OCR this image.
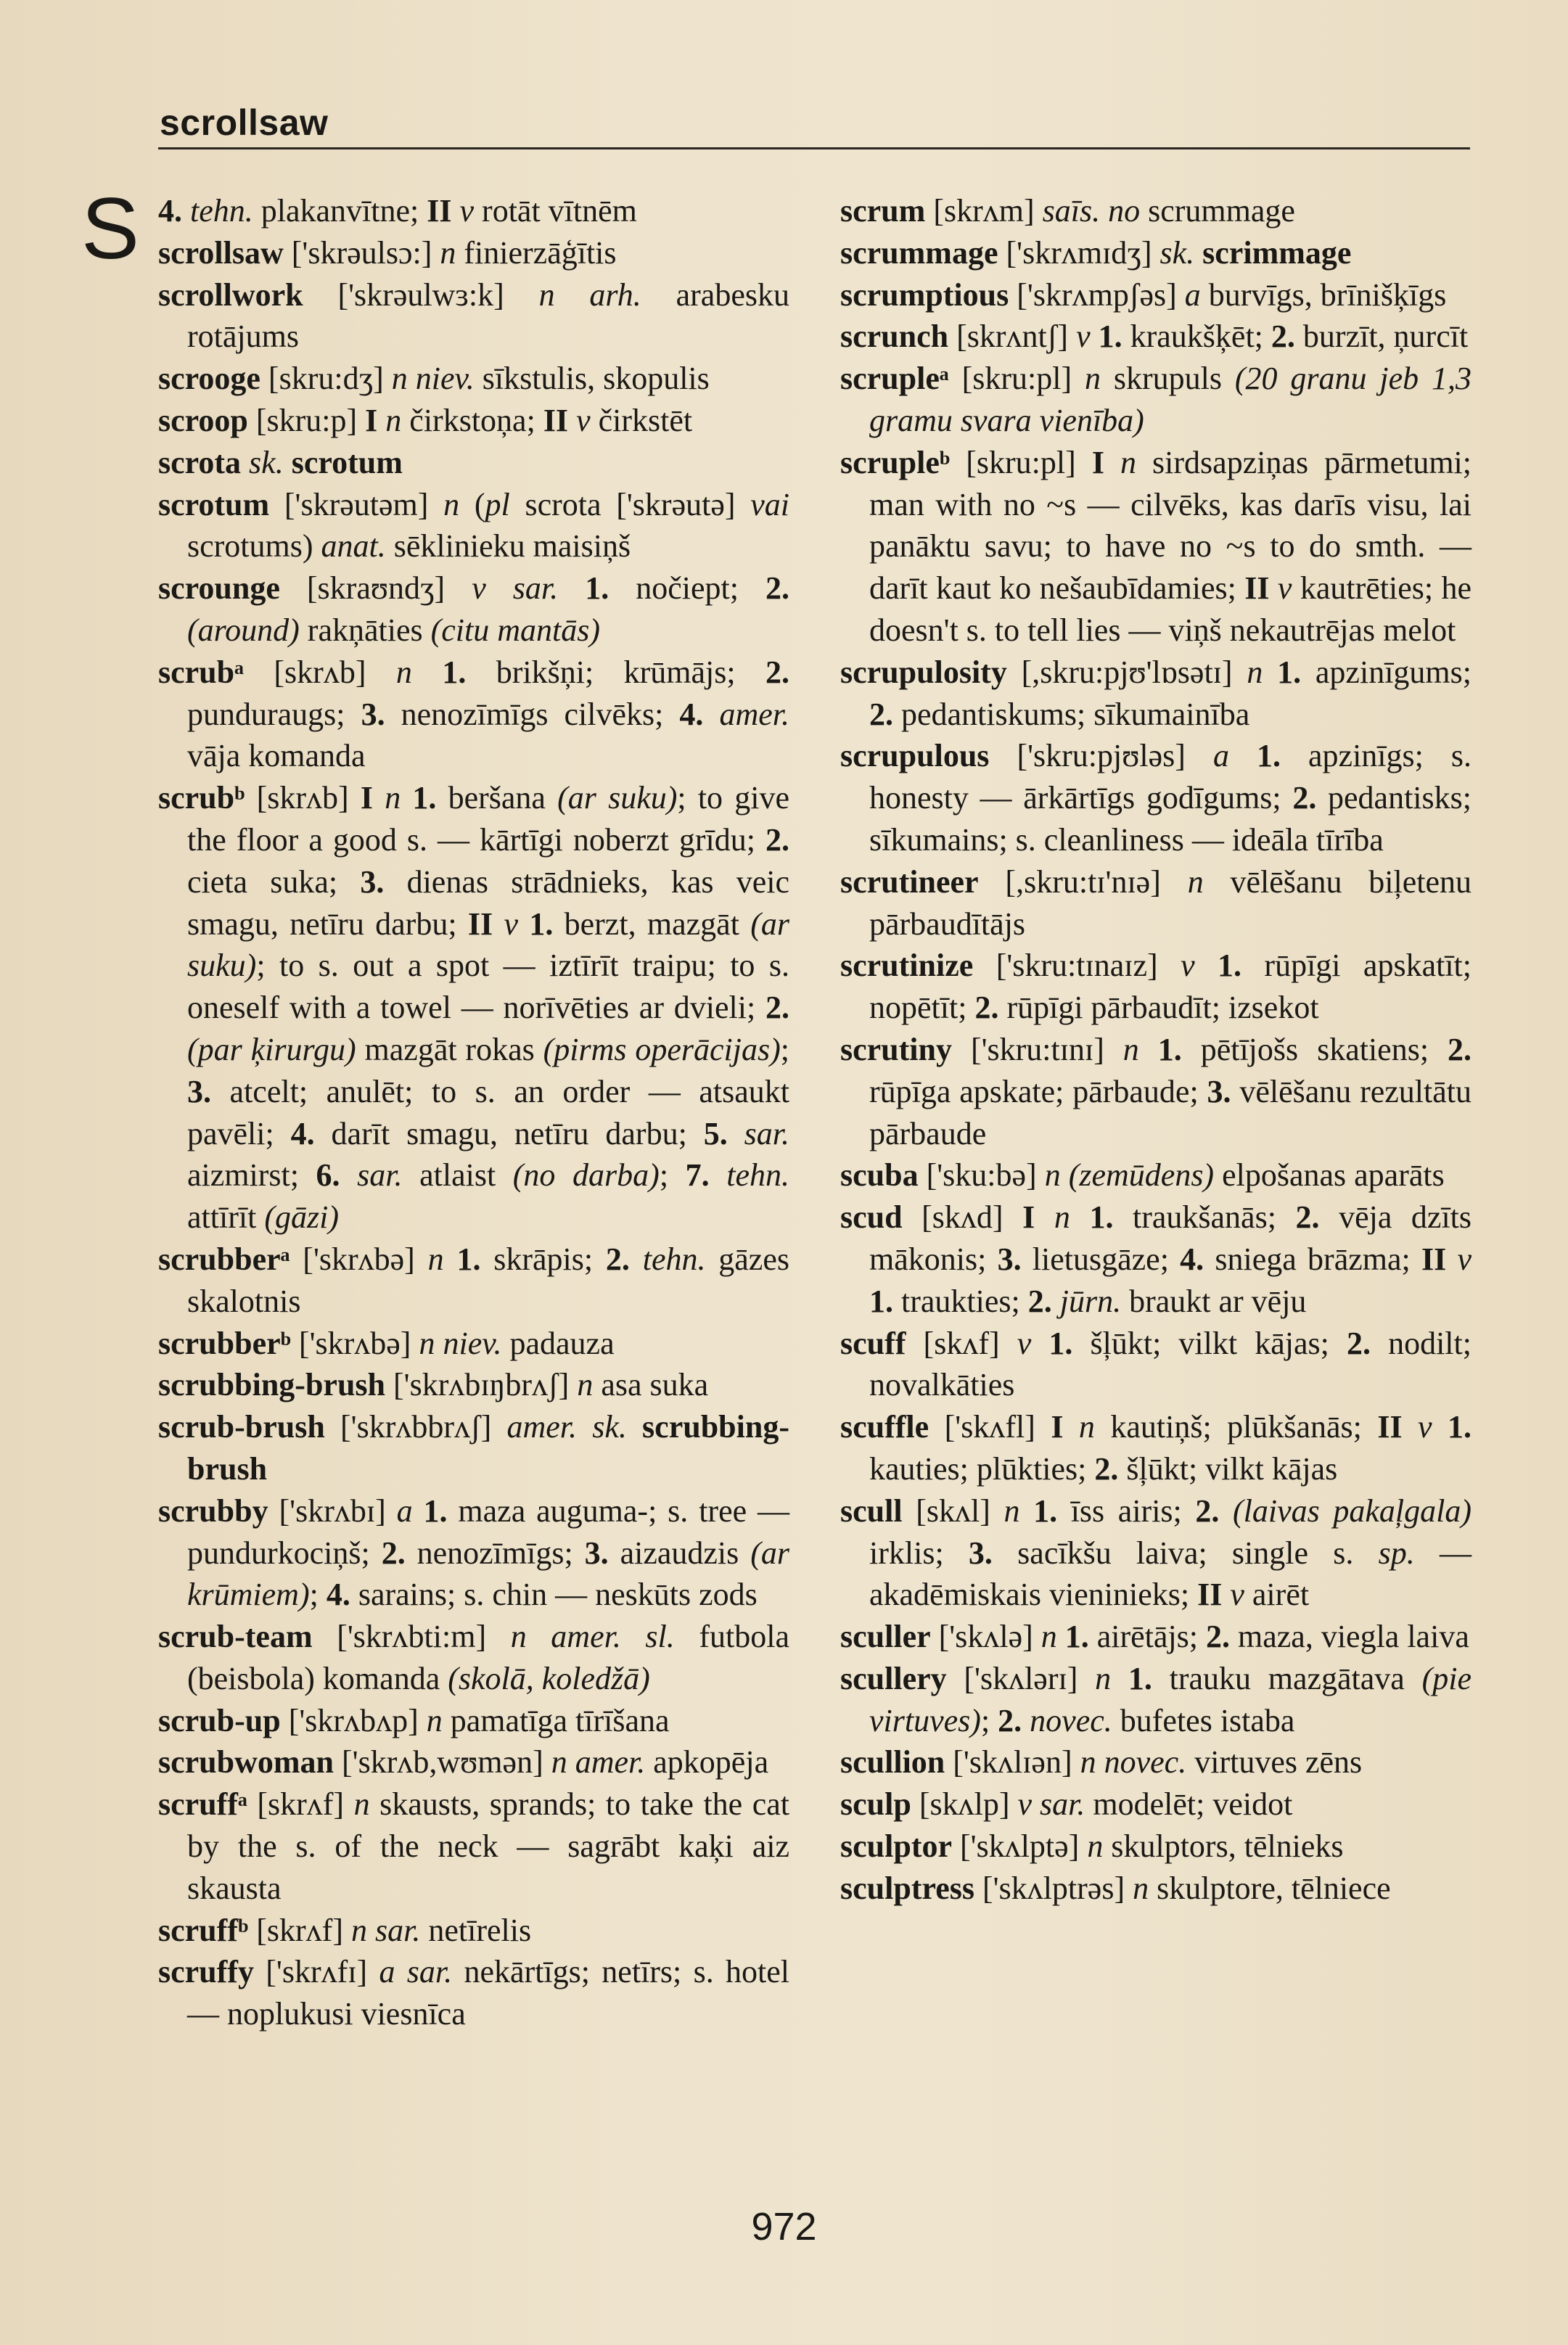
scrollsaw
S 4. tehn. plakanvītne; II v rotāt vītnēm

scrollsaw ['skrəulsɔ:] n finierzāģītis

scrollwork ['skrəulwɜ:k] n arh. arabesku rotājums

scrooge [skru:dʒ] n niev. sīkstulis, skopulis

scroop [skru:p] I n čirkstoņa; II v čirkstēt

scrota sk. scrotum

scrotum ['skrəutəm] n (pl scrota ['skrəutə] vai scrotums) anat. sēklinieku maisiņš

scrounge [skraʊndʒ] v sar. 1. nočiept; 2. (around) rakņāties (citu mantās)

scrubᵃ [skrʌb] n 1. brikšņi; krūmājs; 2. punduraugs; 3. nenozīmīgs cilvēks; 4. amer. vāja komanda

scrubᵇ [skrʌb] I n 1. beršana (ar suku); to give the floor a good s. — kārtīgi noberzt grīdu; 2. cieta suka; 3. dienas strādnieks, kas veic smagu, netīru darbu; II v 1. berzt, mazgāt (ar suku); to s. out a spot — iztīrīt traipu; to s. oneself with a towel — norīvēties ar dvieli; 2. (par ķirurgu) mazgāt rokas (pirms operācijas); 3. atcelt; anulēt; to s. an order — atsaukt pavēli; 4. darīt smagu, netīru darbu; 5. sar. aizmirst; 6. sar. atlaist (no darba); 7. tehn. attīrīt (gāzi)

scrubberᵃ ['skrʌbə] n 1. skrāpis; 2. tehn. gāzes skalotnis

scrubberᵇ ['skrʌbə] n niev. padauza

scrubbing-brush ['skrʌbɪŋbrʌʃ] n asa suka

scrub-brush ['skrʌbbrʌʃ] amer. sk. scrubbing-brush

scrubby ['skrʌbɪ] a 1. maza auguma-; s. tree — pundurkociņš; 2. nenozīmīgs; 3. aizaudzis (ar krūmiem); 4. sarains; s. chin — neskūts zods

scrub-team ['skrʌbti:m] n amer. sl. futbola (beisbola) komanda (skolā, koledžā)

scrub-up ['skrʌbʌp] n pamatīga tīrīšana

scrubwoman ['skrʌb,wʊmən] n amer. apkopēja

scruffᵃ [skrʌf] n skausts, sprands; to take the cat by the s. of the neck — sagrābt kaķi aiz skausta

scruffᵇ [skrʌf] n sar. netīrelis

scruffy ['skrʌfɪ] a sar. nekārtīgs; netīrs; s. hotel — noplukusi viesnīca

scrum [skrʌm] saīs. no scrummage

scrummage ['skrʌmɪdʒ] sk. scrimmage

scrumptious ['skrʌmpʃəs] a burvīgs, brīnišķīgs

scrunch [skrʌntʃ] v 1. kraukšķēt; 2. burzīt, ņurcīt

scrupleᵃ [skru:pl] n skrupuls (20 granu jeb 1,3 gramu svara vienība)

scrupleᵇ [skru:pl] I n sirdsapziņas pārmetumi; man with no ~s — cilvēks, kas darīs visu, lai panāktu savu; to have no ~s to do smth. — darīt kaut ko nešaubīdamies; II v kautrēties; he doesn't s. to tell lies — viņš nekautrējas melot

scrupulosity [,skru:pjʊ'lɒsətɪ] n 1. apzinīgums; 2. pedantiskums; sīkumainība

scrupulous ['skru:pjʊləs] a 1. apzinīgs; s. honesty — ārkārtīgs godīgums; 2. pedantisks; sīkumains; s. cleanliness — ideāla tīrība

scrutineer [,skru:tɪ'nɪə] n vēlēšanu biļetenu pārbaudītājs

scrutinize ['skru:tɪnaɪz] v 1. rūpīgi apskatīt; nopētīt; 2. rūpīgi pārbaudīt; izsekot

scrutiny ['skru:tɪnɪ] n 1. pētījošs skatiens; 2. rūpīga apskate; pārbaude; 3. vēlēšanu rezultātu pārbaude

scuba ['sku:bə] n (zemūdens) elpošanas aparāts

scud [skʌd] I n 1. traukšanās; 2. vēja dzīts mākonis; 3. lietusgāze; 4. sniega brāzma; II v 1. traukties; 2. jūrn. braukt ar vēju

scuff [skʌf] v 1. šļūkt; vilkt kājas; 2. nodilt; novalkāties

scuffle ['skʌfl] I n kautiņš; plūkšanās; II v 1. kauties; plūkties; 2. šļūkt; vilkt kājas

scull [skʌl] n 1. īss airis; 2. (laivas pakaļgala) irklis; 3. sacīkšu laiva; single s. sp. — akadēmiskais vieninieks; II v airēt

sculler ['skʌlə] n 1. airētājs; 2. maza, viegla laiva

scullery ['skʌlərɪ] n 1. trauku mazgātava (pie virtuves); 2. novec. bufetes istaba

scullion ['skʌlɪən] n novec. virtuves zēns

sculp [skʌlp] v sar. modelēt; veidot

sculptor ['skʌlptə] n skulptors, tēlnieks

sculptress ['skʌlptrəs] n skulptore, tēlniece

972
